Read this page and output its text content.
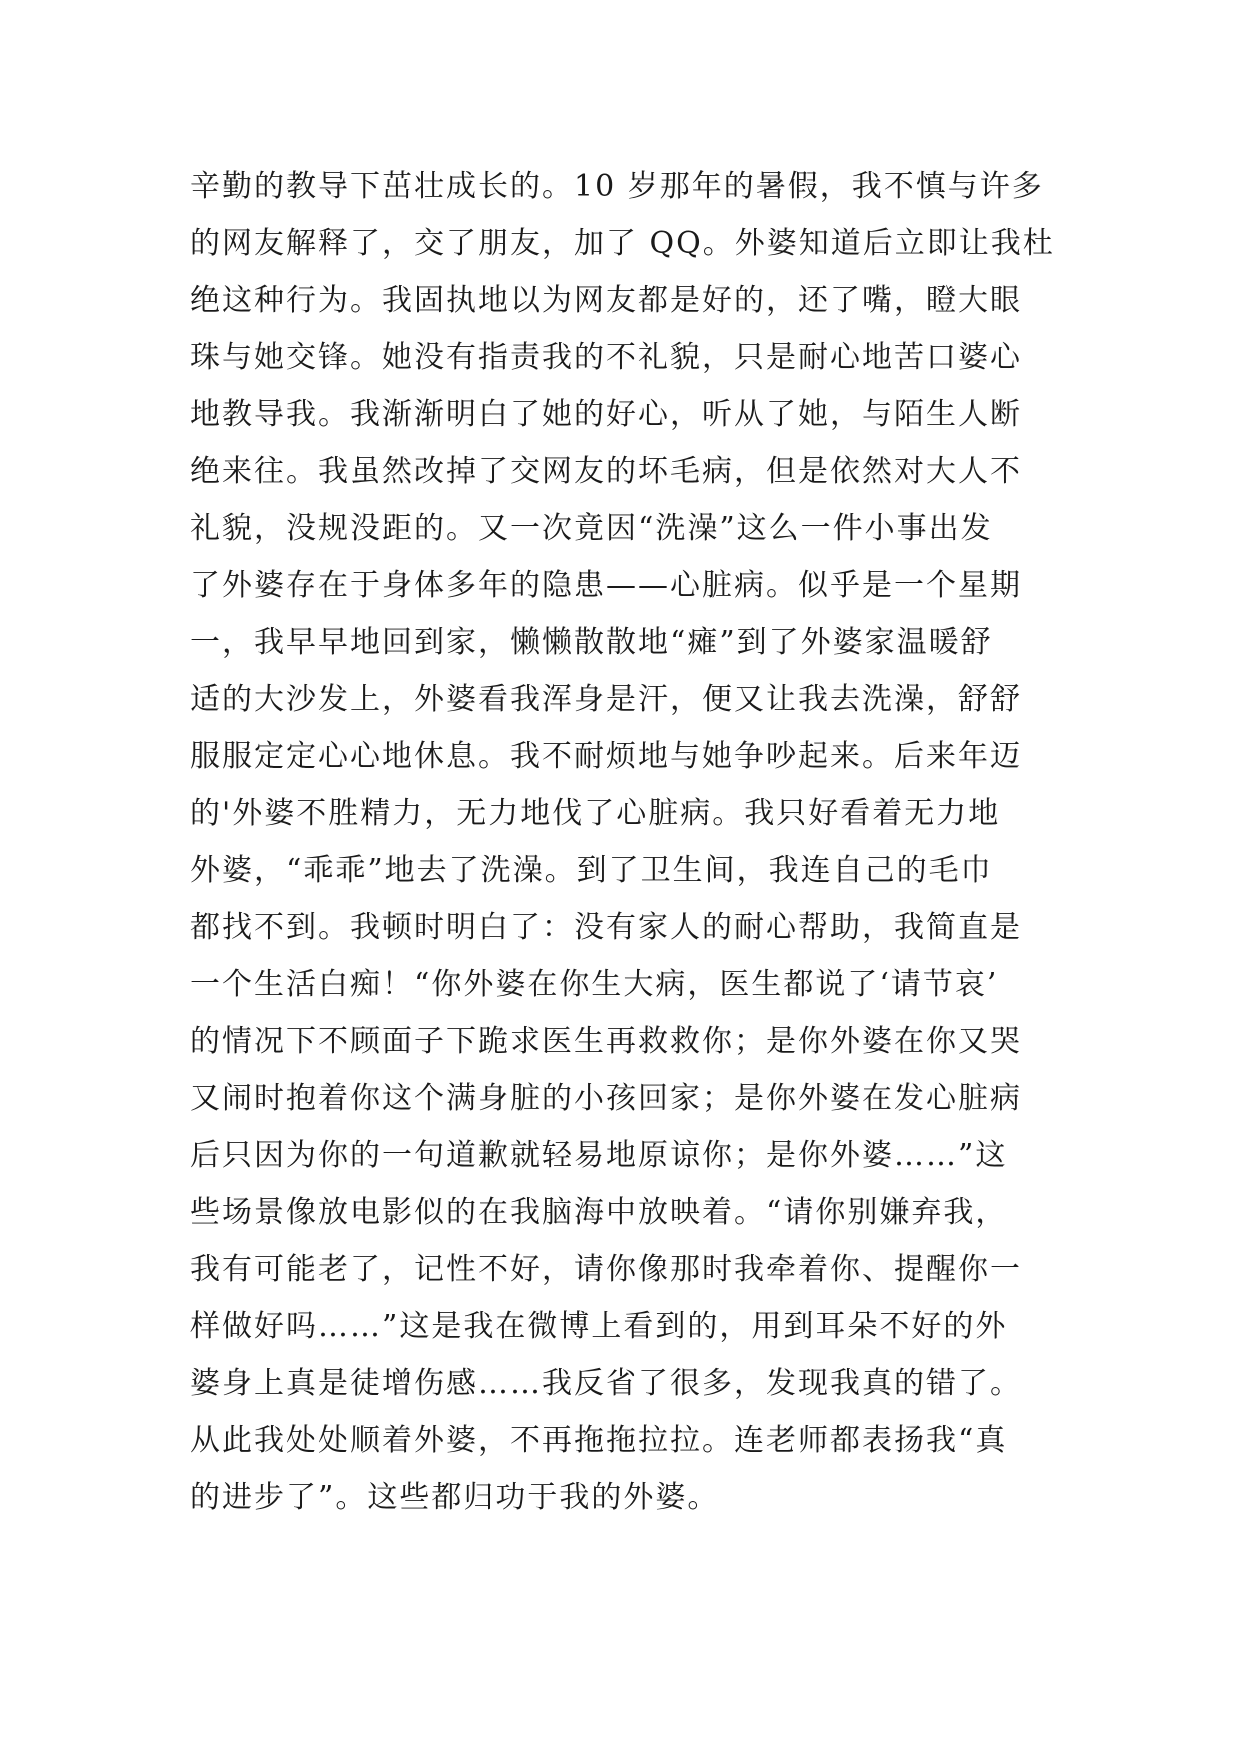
辛勤的教导下茁壮成长的。10 岁那年的暑假，我不慎与许多
的网友解释了，交了朋友，加了 QQ。外婆知道后立即让我杜
绝这种行为。我固执地以为网友都是好的，还了嘴，瞪大眼
珠与她交锋。她没有指责我的不礼貌，只是耐心地苦口婆心
地教导我。我渐渐明白了她的好心，听从了她，与陌生人断
绝来往。我虽然改掉了交网友的坏毛病，但是依然对大人不
礼貌，没规没距的。又一次竟因“洗澡”这么一件小事出发
了外婆存在于身体多年的隐患——心脏病。似乎是一个星期
一，我早早地回到家，懒懒散散地“瘫”到了外婆家温暖舒
适的大沙发上，外婆看我浑身是汗，便又让我去洗澡，舒舒
服服定定心心地休息。我不耐烦地与她争吵起来。后来年迈
的'外婆不胜精力，无力地伐了心脏病。我只好看着无力地
外婆，“乖乖”地去了洗澡。到了卫生间，我连自己的毛巾
都找不到。我顿时明白了：没有家人的耐心帮助，我简直是
一个生活白痴！“你外婆在你生大病，医生都说了‘请节哀’
的情况下不顾面子下跪求医生再救救你；是你外婆在你又哭
又闹时抱着你这个满身脏的小孩回家；是你外婆在发心脏病
后只因为你的一句道歉就轻易地原谅你；是你外婆……”这
些场景像放电影似的在我脑海中放映着。“请你别嫌弃我，
我有可能老了，记性不好，请你像那时我牵着你、提醒你一
样做好吗……”这是我在微博上看到的，用到耳朵不好的外
婆身上真是徒增伤感……我反省了很多，发现我真的错了。
从此我处处顺着外婆，不再拖拖拉拉。连老师都表扬我“真
的进步了”。这些都归功于我的外婆。
